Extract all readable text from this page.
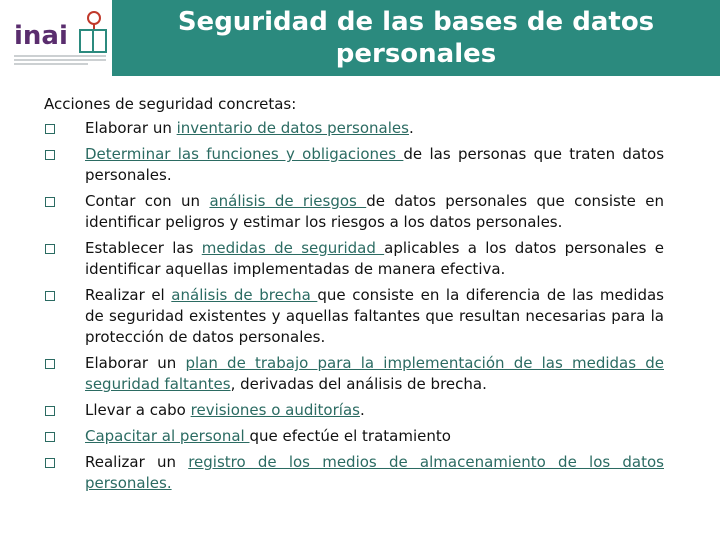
inai	Seguridad de las bases de datos personales

Acciones de seguridad concretas:

Elaborar un inventario de datos personales.
Determinar las funciones y obligaciones de las personas que traten datos personales.
Contar con un análisis de riesgos de datos personales que consiste en identificar peligros y estimar los riesgos a los datos personales.
Establecer las medidas de seguridad aplicables a los datos personales e identificar aquellas implementadas de manera efectiva.
Realizar el análisis de brecha que consiste en la diferencia de las medidas de seguridad existentes y aquellas faltantes que resultan necesarias para la protección de datos personales.
Elaborar un plan de trabajo para la implementación de las medidas de seguridad faltantes, derivadas del análisis de brecha.
Llevar a cabo revisiones o auditorías.
Capacitar al personal que efectúe el tratamiento
Realizar un registro de los medios de almacenamiento de los datos personales.
